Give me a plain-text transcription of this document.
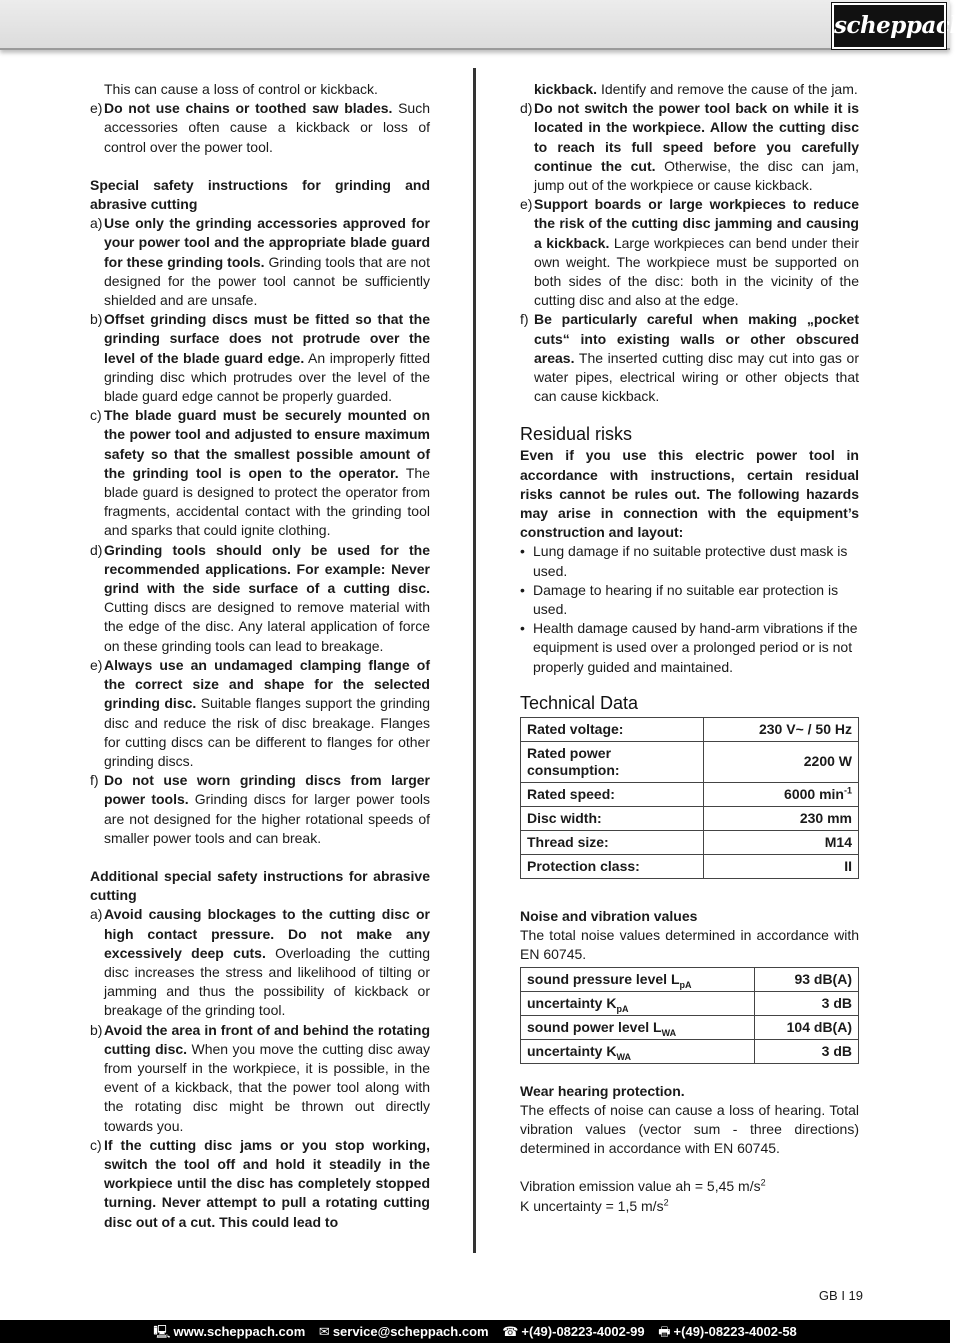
scheppach

This can cause a loss of control or kickback.

e) Do not use chains or toothed saw blades. Such accessories often cause a kickback or loss of control over the power tool.

Special safety instructions for grinding and abrasive cutting

a) Use only the grinding accessories approved for your power tool and the appropriate blade guard for these grinding tools. Grinding tools that are not designed for the power tool cannot be sufficiently shielded and are unsafe.
b) Offset grinding discs must be fitted so that the grinding surface does not protrude over the level of the blade guard edge. An improperly fitted grinding disc which protrudes over the level of the blade guard edge cannot be properly guarded.
c) The blade guard must be securely mounted on the power tool and adjusted to ensure maximum safety so that the smallest possible amount of the grinding tool is open to the operator. The blade guard is designed to protect the operator from fragments, accidental contact with the grinding tool and sparks that could ignite clothing.
d) Grinding tools should only be used for the recommended applications. For example: Never grind with the side surface of a cutting disc. Cutting discs are designed to remove material with the edge of the disc. Any lateral application of force on these grinding tools can lead to breakage.
e) Always use an undamaged clamping flange of the correct size and shape for the selected grinding disc. Suitable flanges support the grinding disc and reduce the risk of disc breakage. Flanges for cutting discs can be different to flanges for other grinding discs.
f) Do not use worn grinding discs from larger power tools. Grinding discs for larger power tools are not designed for the higher rotational speeds of smaller power tools and can break.

Additional special safety instructions for abrasive cutting

a) Avoid causing blockages to the cutting disc or high contact pressure. Do not make any excessively deep cuts. Overloading the cutting disc increases the stress and likelihood of tilting or jamming and thus the possibility of kickback or breakage of the grinding tool.
b) Avoid the area in front of and behind the rotating cutting disc. When you move the cutting disc away from yourself in the workpiece, it is possible, in the event of a kickback, that the power tool along with the rotating disc might be thrown out directly towards you.
c) If the cutting disc jams or you stop working, switch the tool off and hold it steadily in the workpiece until the disc has completely stopped turning. Never attempt to pull a rotating cutting disc out of a cut. This could lead to

kickback. Identify and remove the cause of the jam.

d) Do not switch the power tool back on while it is located in the workpiece. Allow the cutting disc to reach its full speed before you carefully continue the cut. Otherwise, the disc can jam, jump out of the workpiece or cause kickback.
e) Support boards or large workpieces to reduce the risk of the cutting disc jamming and causing a kickback. Large workpieces can bend under their own weight. The workpiece must be supported on both sides of the disc: both in the vicinity of the cutting disc and also at the edge.
f) Be particularly careful when making „pocket cuts“ into existing walls or other obscured areas. The inserted cutting disc may cut into gas or water pipes, electrical wiring or other objects that can cause kickback.
Residual risks

Even if you use this electric power tool in accordance with instructions, certain residual risks cannot be rules out. The following hazards may arise in connection with the equipment’s construction and layout:

• Lung damage if no suitable protective dust mask is used.
• Damage to hearing if no suitable ear protection is used.
• Health damage caused by hand-arm vibrations if the equipment is used over a prolonged period or is not properly guided and maintained.
Technical Data
Rated voltage:	230 V~ / 50 Hz
Rated power consumption:	2200 W
Rated speed:	6000 $\min^{-1}$
Disc width:	230 mm
Thread size:	M14
Protection class:	II

Noise and vibration values

The total noise values determined in accordance with EN 60745.

sound pressure level $L_{pA}$	93 dB(A)
uncertainty $K_{pA}$	3 dB
sound power level $L_{WA}$	104 dB(A)
uncertainty $K_{WA}$	3 dB

Wear hearing protection.

The effects of noise can cause a loss of hearing. Total vibration values (vector sum - three directions) determined in accordance with EN 60745.

Vibration emission value ah = 5,45 $m/s^2$

K uncertainty = 1,5 $m/s^2$

GB I 19
🖳 www.scheppach.com ✉ service@scheppach.com ☎ +(49)-08223-4002-99 🖶 +(49)-08223-4002-58
